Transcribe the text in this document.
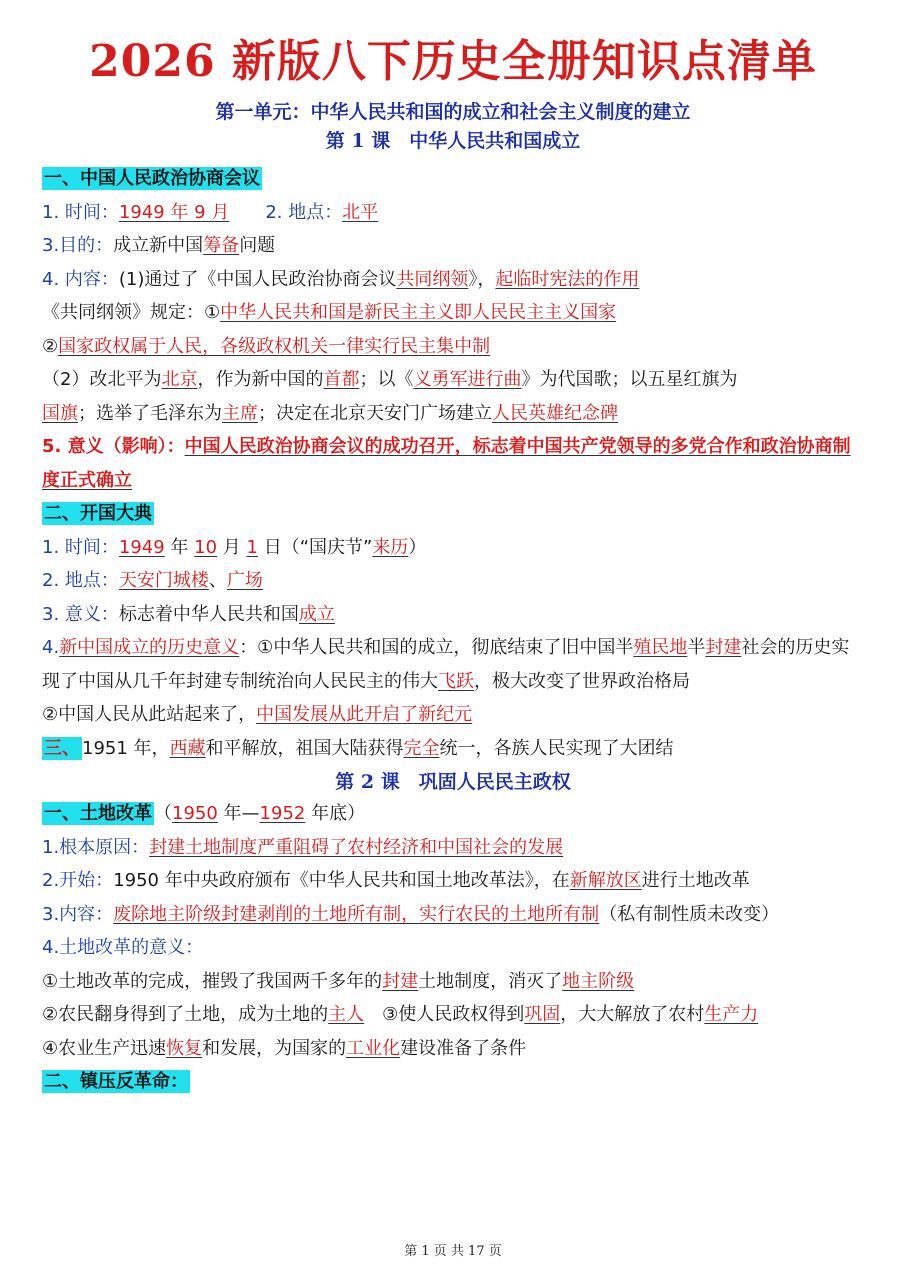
2026 新版八下历史全册知识点清单
第一单元：中华人民共和国的成立和社会主义制度的建立
第 1 课　中华人民共和国成立
一、中国人民政治协商会议
1. 时间：1949 年 9 月　　 2. 地点：北平
3.目的：成立新中国筹备问题
4. 内容：(1)通过了《中国人民政治协商会议共同纲领》，起临时宪法的作用
《共同纲领》规定：①中华人民共和国是新民主主义即人民民主主义国家
②国家政权属于人民，各级政权机关一律实行民主集中制
（2）改北平为北京，作为新中国的首都；以《义勇军进行曲》为代国歌；以五星红旗为
国旗；选举了毛泽东为主席；决定在北京天安门广场建立人民英雄纪念碑
5. 意义（影响）：中国人民政治协商会议的成功召开，标志着中国共产党领导的多党合作和政治协商制度正式确立
二、开国大典
1. 时间：1949 年 10 月 1 日（“国庆节”来历）
2. 地点：天安门城楼、广场
3. 意义：标志着中华人民共和国成立
4.新中国成立的历史意义：①中华人民共和国的成立，彻底结束了旧中国半殖民地半封建社会的历史实现了中国从几千年封建专制统治向人民民主的伟大飞跃，极大改变了世界政治格局
②中国人民从此站起来了，中国发展从此开启了新纪元
三、 1951 年，西藏和平解放，祖国大陆获得完全统一，各族人民实现了大团结
第 2 课　巩固人民民主政权
一、土地改革 （1950 年—1952 年底）
1.根本原因：封建土地制度严重阻碍了农村经济和中国社会的发展
2.开始：1950 年中央政府颁布《中华人民共和国土地改革法》，在新解放区进行土地改革
3.内容：废除地主阶级封建剥削的土地所有制，实行农民的土地所有制（私有制性质未改变）
4.土地改革的意义：
①土地改革的完成，摧毁了我国两千多年的封建土地制度，消灭了地主阶级
②农民翻身得到了土地，成为土地的主人　③使人民政权得到巩固，大大解放了农村生产力
④农业生产迅速恢复和发展，为国家的工业化建设准备了条件
二、镇压反革命：
第 1 页 共 17 页
